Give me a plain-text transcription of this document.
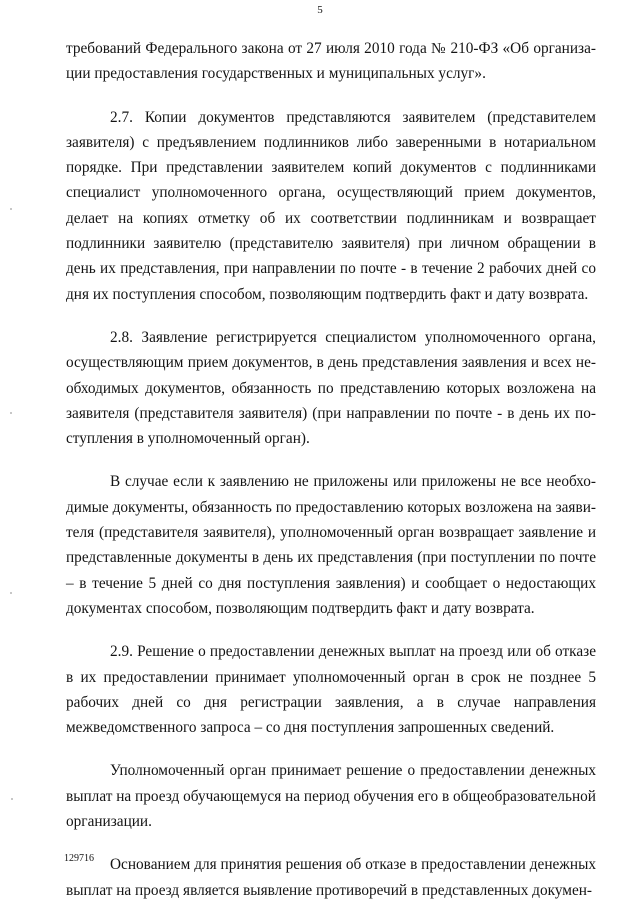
5

требований Федерального закона от 27 июля 2010 года № 210-ФЗ «Об организации предоставления государственных и муниципальных услуг».

2.7. Копии документов представляются заявителем (представителем заявителя) с предъявлением подлинников либо заверенными в нотариальном порядке. При представлении заявителем копий документов с подлинниками специалист уполномоченного органа, осуществляющий прием документов, делает на копиях отметку об их соответствии подлинникам и возвращает подлинники заявителю (представителю заявителя) при личном обращении в день их представления, при направлении по почте - в течение 2 рабочих дней со дня их поступления способом, позволяющим подтвердить факт и дату возврата.

2.8. Заявление регистрируется специалистом уполномоченного органа, осуществляющим прием документов, в день представления заявления и всех необходимых документов, обязанность по представлению которых возложена на заявителя (представителя заявителя) (при направлении по почте - в день их поступления в уполномоченный орган).

В случае если к заявлению не приложены или приложены не все необходимые документы, обязанность по предоставлению которых возложена на заявителя (представителя заявителя), уполномоченный орган возвращает заявление и представленные документы в день их представления (при поступлении по почте – в течение 5 дней со дня поступления заявления) и сообщает о недостающих документах способом, позволяющим подтвердить факт и дату возврата.

2.9. Решение о предоставлении денежных выплат на проезд или об отказе в их предоставлении принимает уполномоченный орган в срок не позднее 5 рабочих дней со дня регистрации заявления, а в случае направления межведомственного запроса – со дня поступления запрошенных сведений.

Уполномоченный орган принимает решение о предоставлении денежных выплат на проезд обучающемуся на период обучения его в общеобразовательной организации.

Основанием для принятия решения об отказе в предоставлении денежных выплат на проезд является выявление противоречий в представленных докумен-

129716
